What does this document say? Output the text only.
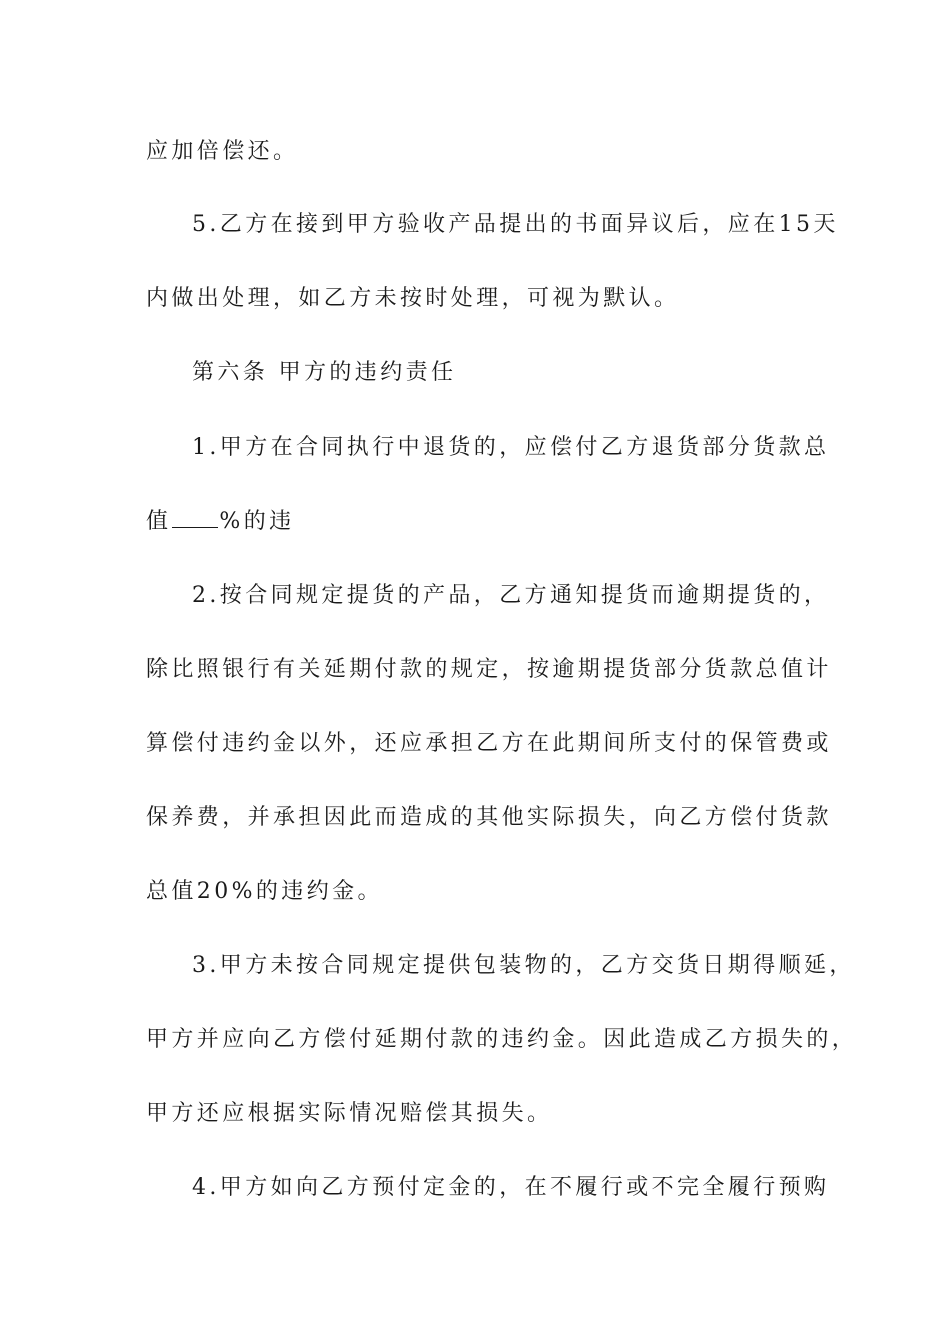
应加倍偿还。
5.乙方在接到甲方验收产品提出的书面异议后，应在15天
内做出处理，如乙方未按时处理，可视为默认。
第六条 甲方的违约责任
1.甲方在合同执行中退货的，应偿付乙方退货部分货款总
值 %的违
2.按合同规定提货的产品，乙方通知提货而逾期提货的，
除比照银行有关延期付款的规定，按逾期提货部分货款总值计
算偿付违约金以外，还应承担乙方在此期间所支付的保管费或
保养费，并承担因此而造成的其他实际损失，向乙方偿付货款
总值20%的违约金。
3.甲方未按合同规定提供包装物的，乙方交货日期得顺延，
甲方并应向乙方偿付延期付款的违约金。因此造成乙方损失的，
甲方还应根据实际情况赔偿其损失。
4.甲方如向乙方预付定金的，在不履行或不完全履行预购
